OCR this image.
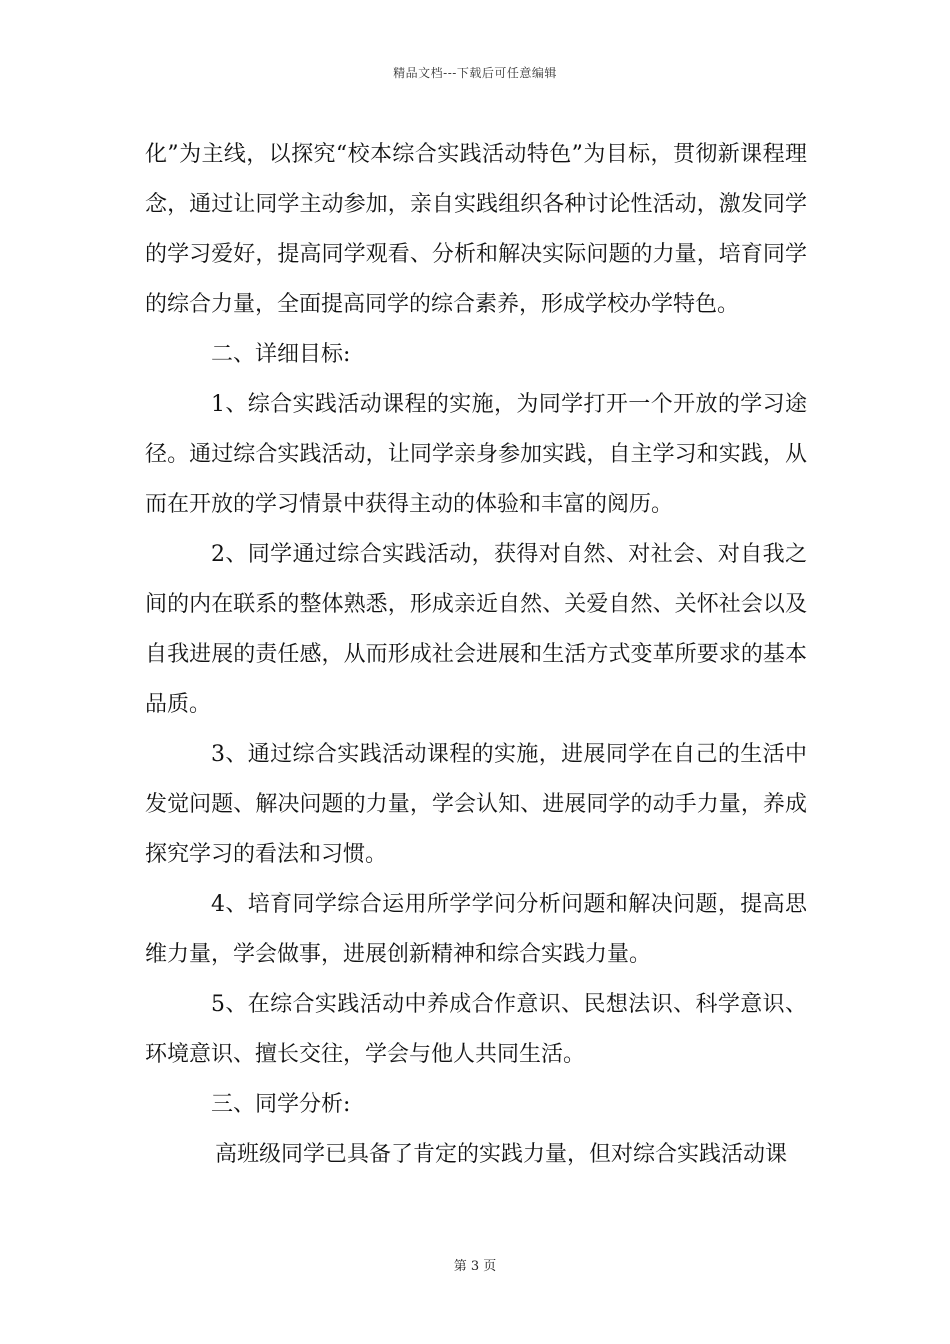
精品文档---下载后可任意编辑

化”为主线，以探究“校本综合实践活动特色”为目标，贯彻新课程理念，通过让同学主动参加，亲自实践组织各种讨论性活动，激发同学的学习爱好，提高同学观看、分析和解决实际问题的力量，培育同学的综合力量，全面提高同学的综合素养，形成学校办学特色。

二、详细目标:

1、综合实践活动课程的实施，为同学打开一个开放的学习途径。通过综合实践活动，让同学亲身参加实践，自主学习和实践，从而在开放的学习情景中获得主动的体验和丰富的阅历。

2、同学通过综合实践活动，获得对自然、对社会、对自我之间的内在联系的整体熟悉，形成亲近自然、关爱自然、关怀社会以及自我进展的责任感，从而形成社会进展和生活方式变革所要求的基本品质。

3、通过综合实践活动课程的实施，进展同学在自己的生活中发觉问题、解决问题的力量，学会认知、进展同学的动手力量，养成探究学习的看法和习惯。

4、培育同学综合运用所学学问分析问题和解决问题，提高思维力量，学会做事，进展创新精神和综合实践力量。

5、在综合实践活动中养成合作意识、民想法识、科学意识、环境意识、擅长交往，学会与他人共同生活。

三、同学分析:

高班级同学已具备了肯定的实践力量，但对综合实践活动课

第 3 页
